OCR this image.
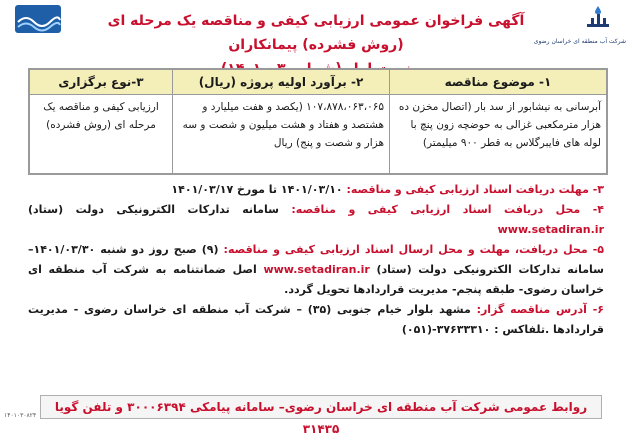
شرکت آب منطقه ای خراسان رضوی
آگهی فراخوان عمومی ارزیابی کیفی و مناقصه یک مرحله ای (روش فشرده) پیمانکاران
۱- موضوع مناقصه	۲- برآورد اولیه پروژه (ریال)	۳-نوع برگزاری
آبرسانی به نیشابور از سد بار (اتصال مخزن ده هزار مترمکعبی غزالی به حوضچه زون پنچ با لوله های فایبرگلاس به قطر ۹۰۰ میلیمتر)	۱۰۷،۸۷۸،۰۶۳،۰۶۵ (یکصد و هفت میلیارد و هشتصد و هفتاد و هشت میلیون و شصت و سه هزار و شصت و پنج) ریال	ارزیابی کیفی و مناقصه یک مرحله ای (روش فشرده)

۳- مهلت دریافت اسناد ارزیابی کیفی و مناقصه: ۱۴۰۱/۰۳/۱۰ تا مورخ ۱۴۰۱/۰۳/۱۷

۴- محل دریافت اسناد ارزیابی کیفی و مناقصه: سامانه تدارکات الکترونیکی دولت (ستاد) www.setadiran.ir

۵- محل دریافت، مهلت و محل ارسال اسناد ارزیابی کیفی و مناقصه: (۹) صبح روز دو شنبه ۱۴۰۱/۰۳/۳۰–سامانه تدارکات الکترونیکی دولت (ستاد) www.setadiran.ir اصل ضمانتنامه به شرکت آب منطقه ای خراسان رضوی- طبقه پنجم- مدیریت قراردادها تحویل گردد.

۶- آدرس مناقصه گزار: مشهد بلوار خیام جنوبی (۳۵) – شرکت آب منطقه ای خراسان رضوی - مدیریت قراردادها .تلفاکس : ۳۷۶۳۳۳۱۰-(۰۵۱)

روابط عمومی شرکت آب منطقه ای خراسان رضوی– سامانه پیامکی ۳۰۰۰۶۳۹۴ و تلفن گویا ۳۱۴۳۵
۱۴۰۱۰۳۰۸۲۴
